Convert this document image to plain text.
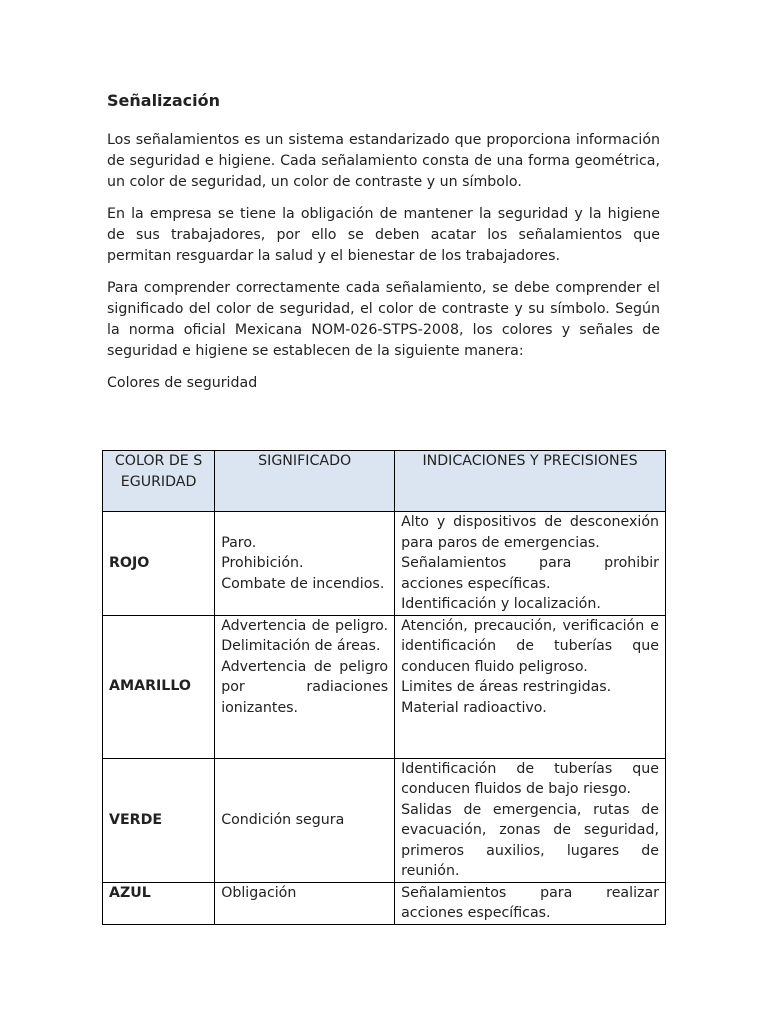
Señalización

Los señalamientos es un sistema estandarizado que proporciona información de seguridad e higiene. Cada señalamiento consta de una forma geométrica, un color de seguridad, un color de contraste y un símbolo.

En la empresa se tiene la obligación de mantener la seguridad y la higiene de sus trabajadores, por ello se deben acatar los señalamientos que permitan resguardar la salud y el bienestar de los trabajadores.

Para comprender correctamente cada señalamiento, se debe comprender el significado del color de seguridad, el color de contraste y su símbolo. Según la norma oficial Mexicana NOM-026-STPS-2008, los colores y señales de seguridad e higiene se establecen de la siguiente manera:

Colores de seguridad

COLOR DE SEGURIDAD	SIGNIFICADO	INDICACIONES Y PRECISIONES
ROJO	Paro.
Prohibición.
Combate de incendios.	Alto y dispositivos de desconexión para paros de emergencias.
Señalamientos para prohibir acciones específicas.
Identificación y localización.

AMARILLO	Advertencia de peligro. Delimitación de áreas.
Advertencia de peligro por radiaciones ionizantes.	Atención, precaución, verificación e identificación de tuberías que conducen fluido peligroso.
Limites de áreas restringidas.
Material radioactivo.

VERDE	Condición segura	Identificación de tuberías que conducen fluidos de bajo riesgo.
Salidas de emergencia, rutas de evacuación, zonas de seguridad, primeros auxilios, lugares de reunión.

AZUL	Obligación	Señalamientos para realizar acciones específicas.
